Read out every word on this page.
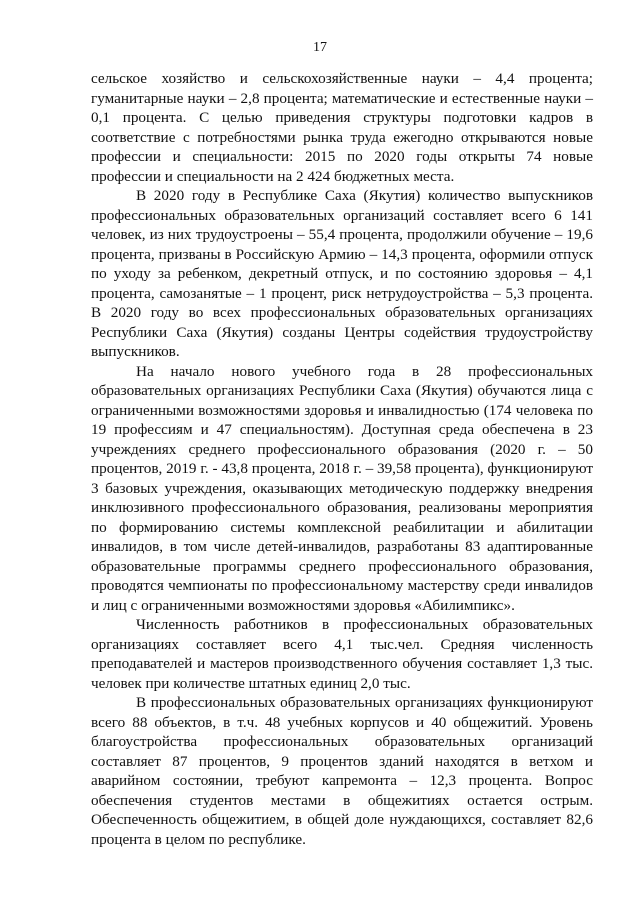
17

сельское хозяйство и сельскохозяйственные науки – 4,4 процента; гуманитарные науки – 2,8 процента; математические и естественные науки – 0,1 процента. С целью приведения структуры подготовки кадров в соответствие с потребностями рынка труда ежегодно открываются новые профессии и специальности: 2015 по 2020 годы открыты 74 новые профессии и специальности на 2 424 бюджетных места.

В 2020 году в Республике Саха (Якутия) количество выпускников профессиональных образовательных организаций составляет всего 6 141 человек, из них трудоустроены – 55,4 процента, продолжили обучение – 19,6 процента, призваны в Российскую Армию – 14,3 процента, оформили отпуск по уходу за ребенком, декретный отпуск, и по состоянию здоровья – 4,1 процента, самозанятые – 1 процент, риск нетрудоустройства – 5,3 процента. В 2020 году во всех профессиональных образовательных организациях Республики Саха (Якутия) созданы Центры содействия трудоустройству выпускников.

На начало нового учебного года в 28 профессиональных образовательных организациях Республики Саха (Якутия) обучаются лица с ограниченными возможностями здоровья и инвалидностью (174 человека по 19 профессиям и 47 специальностям). Доступная среда обеспечена в 23 учреждениях среднего профессионального образования (2020 г. – 50 процентов, 2019 г. - 43,8 процента, 2018 г. – 39,58 процента), функционируют 3 базовых учреждения, оказывающих методическую поддержку внедрения инклюзивного профессионального образования, реализованы мероприятия по формированию системы комплексной реабилитации и абилитации инвалидов, в том числе детей-инвалидов, разработаны 83 адаптированные образовательные программы среднего профессионального образования, проводятся чемпионаты по профессиональному мастерству среди инвалидов и лиц с ограниченными возможностями здоровья «Абилимпикс».

Численность работников в профессиональных образовательных организациях составляет всего 4,1 тыс.чел. Средняя численность преподавателей и мастеров производственного обучения составляет 1,3 тыс. человек при количестве штатных единиц 2,0 тыс.

В профессиональных образовательных организациях функционируют всего 88 объектов, в т.ч. 48 учебных корпусов и 40 общежитий. Уровень благоустройства профессиональных образовательных организаций составляет 87 процентов, 9 процентов зданий находятся в ветхом и аварийном состоянии, требуют капремонта – 12,3 процента. Вопрос обеспечения студентов местами в общежитиях остается острым. Обеспеченность общежитием, в общей доле нуждающихся, составляет 82,6 процента в целом по республике.
